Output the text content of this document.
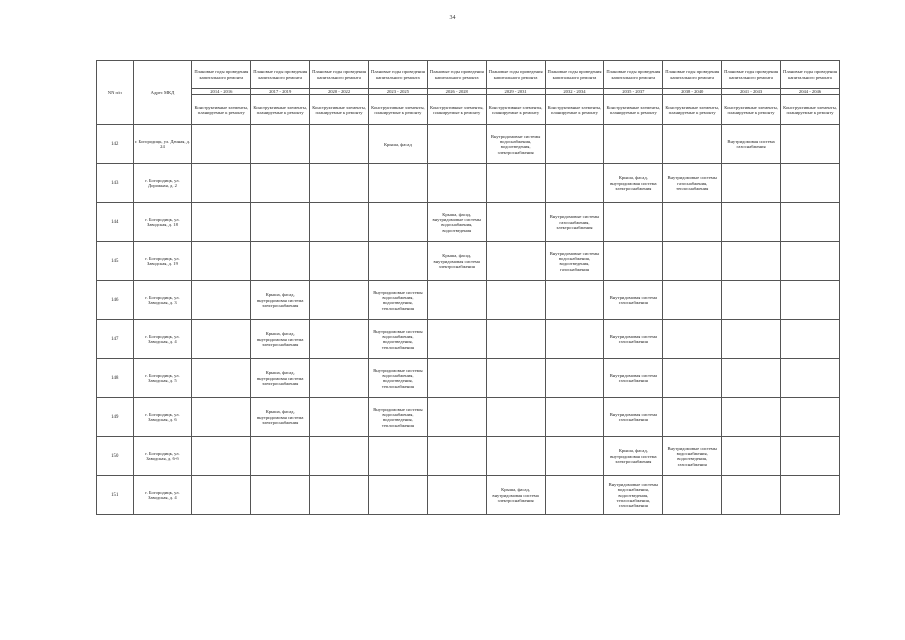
34
NN п/п	Адрес МКД	Плановые годы проведения капитального ремонта	Плановые годы проведения капитального ремонта	Плановые годы проведения капитального ремонта	Плановые годы проведения капитального ремонта	Плановые годы проведения капитального ремонта	Плановые годы проведения капитального ремонта	Плановые годы проведения капитального ремонта	Плановые годы проведения капитального ремонта	Плановые годы проведения капитального ремонта	Плановые годы проведения капитального ремонта	Плановые годы проведения капитального ремонта
		2014 - 2016	2017 - 2019	2020 - 2022	2023 - 2025	2026 - 2028	2029 - 2031	2032 - 2034	2035 - 2037	2038 - 2040	2041 - 2043	2044 - 2046
		Конструктивные элементы, планируемые к ремонту	Конструктивные элементы, планируемые к ремонту	Конструктивные элементы, планируемые к ремонту	Конструктивные элементы, планируемые к ремонту	Конструктивные элементы, планируемые к ремонту	Конструктивные элементы, планируемые к ремонту	Конструктивные элементы, планируемые к ремонту	Конструктивные элементы, планируемые к ремонту	Конструктивные элементы, планируемые к ремонту	Конструктивные элементы, планируемые к ремонту	Конструктивные элементы, планируемые к ремонту
142	г. Богородицк, ул. Дачная, д. 24				Крыша, фасад		Внутридомовые системы водоснабжения, водоотведения, электроснабжения				Внутридомовая система газоснабжения	
143	г. Богородицк, ул. Дорожная, д. 2								Крыша, фасад, внутридомовая система электроснабжения	Внутридомовые системы газоснабжения, теплоснабжения		
144	г. Богородицк, ул. Заводская, д. 18					Крыша, фасад, внутридомовые системы водоснабжения, водоотведения		Внутридомовые системы газоснабжения, электроснабжения				
145	г. Богородицк, ул. Заводская, д. 19					Крыша, фасад, внутридомовая система электроснабжения		Внутридомовые системы водоснабжения, водоотведения, газоснабжения				
146	г. Богородицк, ул. Заводская, д. 3		Крыша, фасад, внутридомовая система электроснабжения		Внутридомовые системы водоснабжения, водоотведения, теплоснабжения				Внутридомовая система газоснабжения			
147	г. Богородицк, ул. Заводская, д. 4		Крыша, фасад, внутридомовая система электроснабжения		Внутридомовые системы водоснабжения, водоотведения, теплоснабжения				Внутридомовая система газоснабжения			
148	г. Богородицк, ул. Заводская, д. 5		Крыша, фасад, внутридомовая система электроснабжения		Внутридомовые системы водоснабжения, водоотведения, теплоснабжения				Внутридомовая система газоснабжения			
149	г. Богородицк, ул. Заводская, д. 6		Крыша, фасад, внутридомовая система электроснабжения		Внутридомовые системы водоснабжения, водоотведения, теплоснабжения				Внутридомовая система газоснабжения			
150	г. Богородицк, ул. Заводская, д. 6-б								Крыша, фасад, внутридомовая система электроснабжения	Внутридомовые системы водоснабжения, водоотведения, газоснабжения		
151	г. Богородицк, ул. Заводская, д. 4						Крыша, фасад, внутридомовая система электроснабжения		Внутридомовые системы водоснабжения, водоотведения, теплоснабжения, газоснабжения			
